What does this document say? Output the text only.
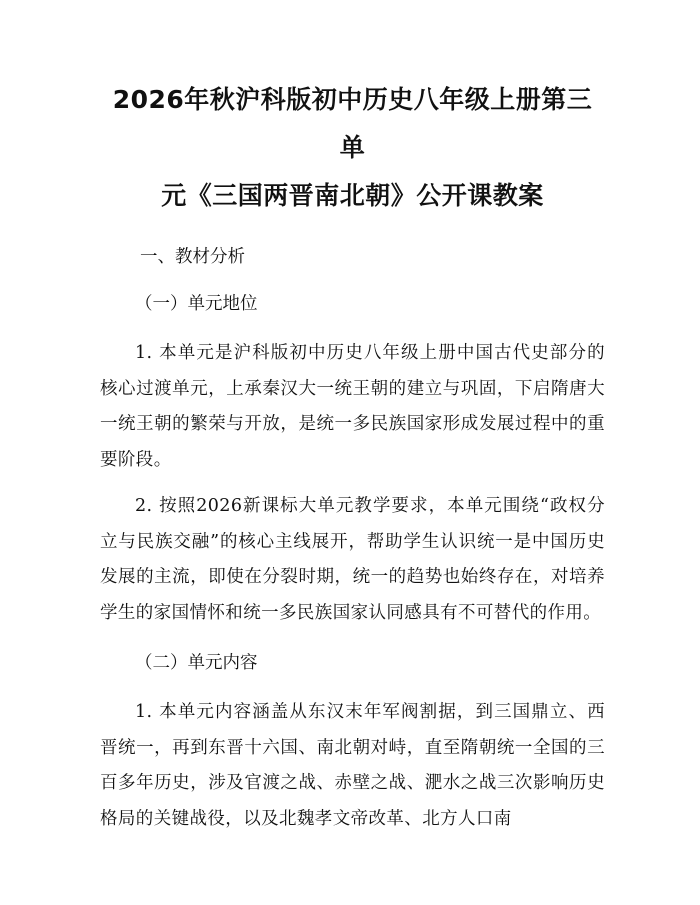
2026年秋沪科版初中历史八年级上册第三单
元《三国两晋南北朝》公开课教案

一、教材分析

（一）单元地位

1. 本单元是沪科版初中历史八年级上册中国古代史部分的核心过渡单元，上承秦汉大一统王朝的建立与巩固，下启隋唐大一统王朝的繁荣与开放，是统一多民族国家形成发展过程中的重要阶段。

2. 按照2026新课标大单元教学要求，本单元围绕“政权分立与民族交融”的核心主线展开，帮助学生认识统一是中国历史发展的主流，即使在分裂时期，统一的趋势也始终存在，对培养学生的家国情怀和统一多民族国家认同感具有不可替代的作用。

（二）单元内容

1. 本单元内容涵盖从东汉末年军阀割据，到三国鼎立、西晋统一，再到东晋十六国、南北朝对峙，直至隋朝统一全国的三百多年历史，涉及官渡之战、赤壁之战、淝水之战三次影响历史格局的关键战役，以及北魏孝文帝改革、北方人口南
